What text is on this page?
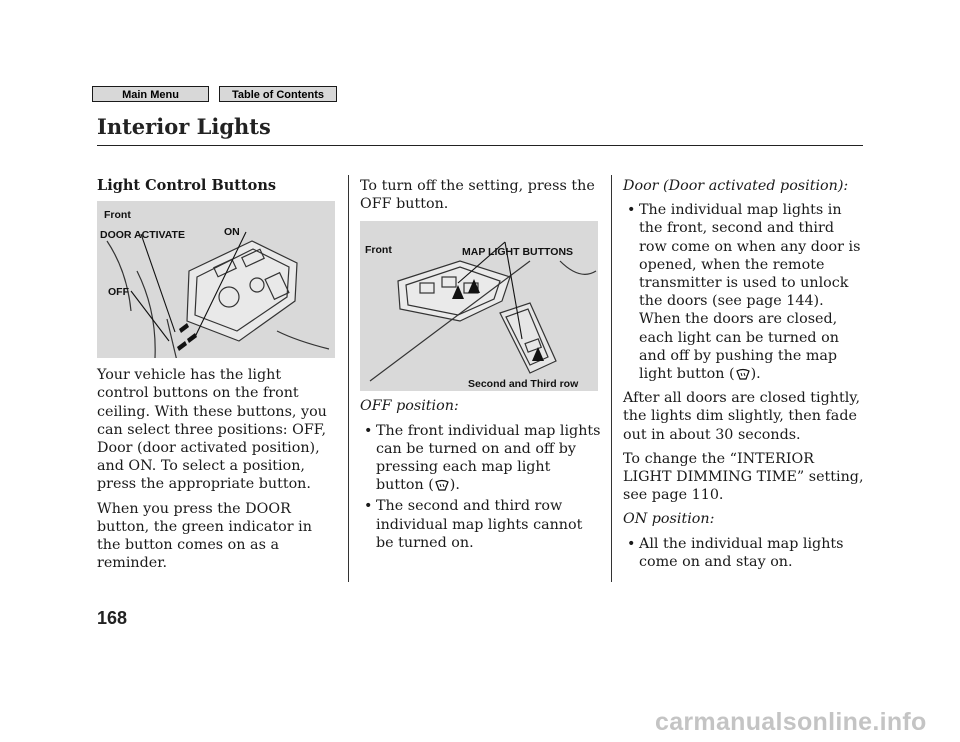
Main Menu	Table of Contents
Interior Lights

Light Control Buttons

Front
DOOR ACTIVATE	ON
OFF

Your vehicle has the light control buttons on the front ceiling. With these buttons, you can select three positions: OFF, Door (door activated position), and ON. To select a position, press the appropriate button.

When you press the DOOR button, the green indicator in the button comes on as a reminder.

To turn off the setting, press the OFF button.

Front	MAP LIGHT BUTTONS
Second and Third row

OFF position:

• The front individual map lights can be turned on and off by pressing each map light button ( ).
• The second and third row individual map lights cannot be turned on.

Door (Door activated position):

• The individual map lights in the front, second and third row come on when any door is opened, when the remote transmitter is used to unlock the doors (see page 144). When the doors are closed, each light can be turned on and off by pushing the map light button ( ).

After all doors are closed tightly, the lights dim slightly, then fade out in about 30 seconds.

To change the “INTERIOR LIGHT DIMMING TIME” setting, see page 110.

ON position:

• All the individual map lights come on and stay on.

168

carmanualsonline.info
